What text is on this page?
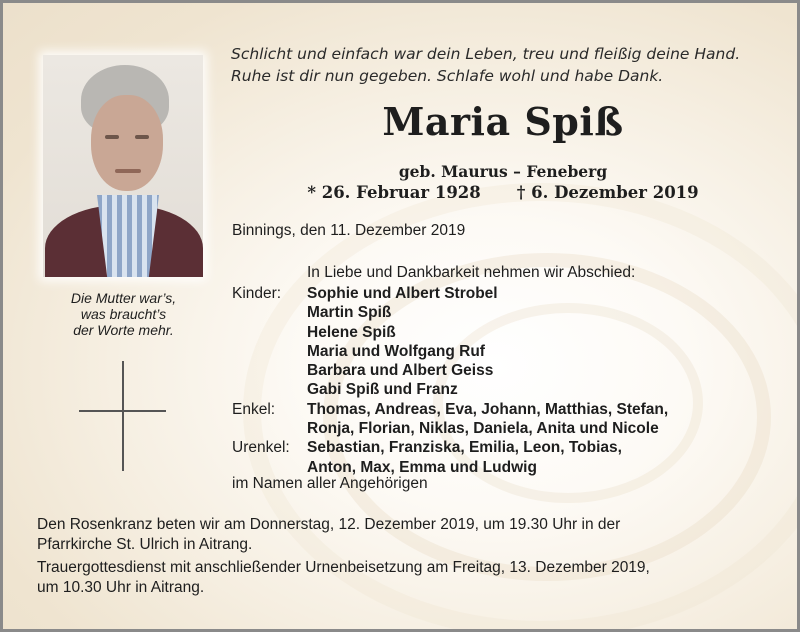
Die Mutter war’s,
was braucht’s
der Worte mehr.
Schlicht und einfach war dein Leben, treu und fleißig deine Hand.
Ruhe ist dir nun gegeben. Schlafe wohl und habe Dank.
Maria Spiß
geb. Maurus – Feneberg
* 26. Februar 1928 † 6. Dezember 2019
Binnings, den 11. Dezember 2019
In Liebe und Dankbarkeit nehmen wir Abschied:
Kinder:	Sophie und Albert Strobel
Martin Spiß
Helene Spiß
Maria und Wolfgang Ruf
Barbara und Albert Geiss
Gabi Spiß und Franz
Enkel:	Thomas, Andreas, Eva, Johann, Matthias, Stefan,
Ronja, Florian, Niklas, Daniela, Anita und Nicole
Urenkel:	Sebastian, Franziska, Emilia, Leon, Tobias,
Anton, Max, Emma und Ludwig
im Namen aller Angehörigen
Den Rosenkranz beten wir am Donnerstag, 12. Dezember 2019, um 19.30 Uhr in der
Pfarrkirche St. Ulrich in Aitrang.
Trauergottesdienst mit anschließender Urnenbeisetzung am Freitag, 13. Dezember 2019,
um 10.30 Uhr in Aitrang.
